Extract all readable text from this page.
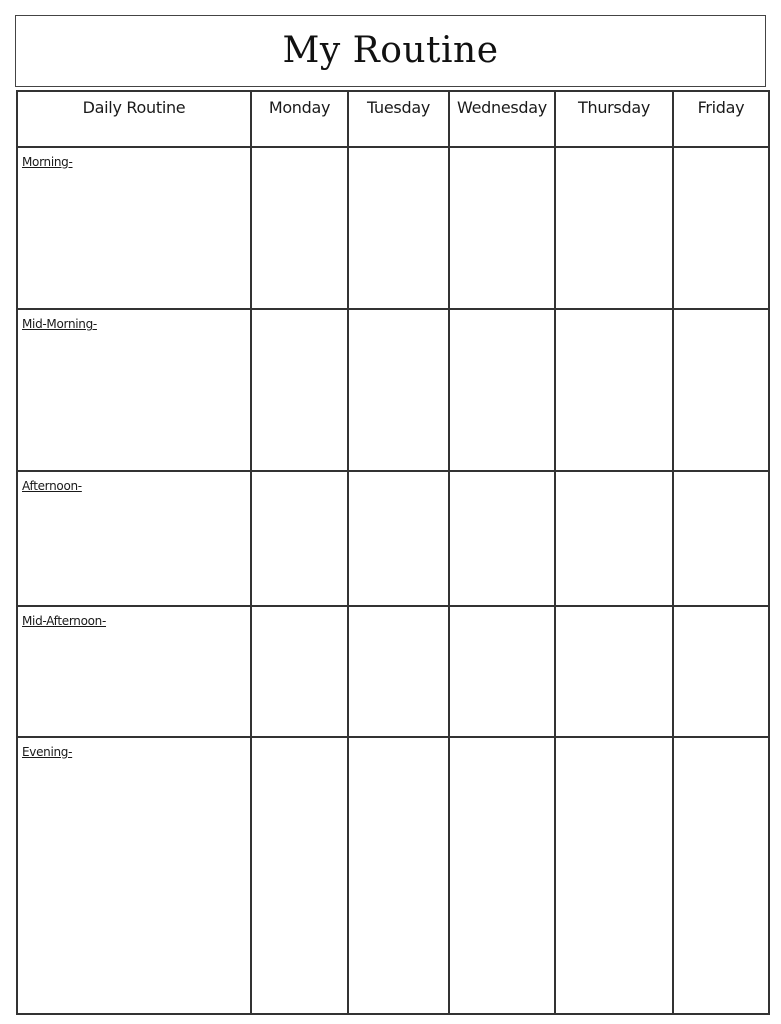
My Routine
Daily Routine	Monday	Tuesday	Wednesday	Thursday	Friday
Morning-					
Mid-Morning-					
Afternoon-					
Mid-Afternoon-					
Evening-					
